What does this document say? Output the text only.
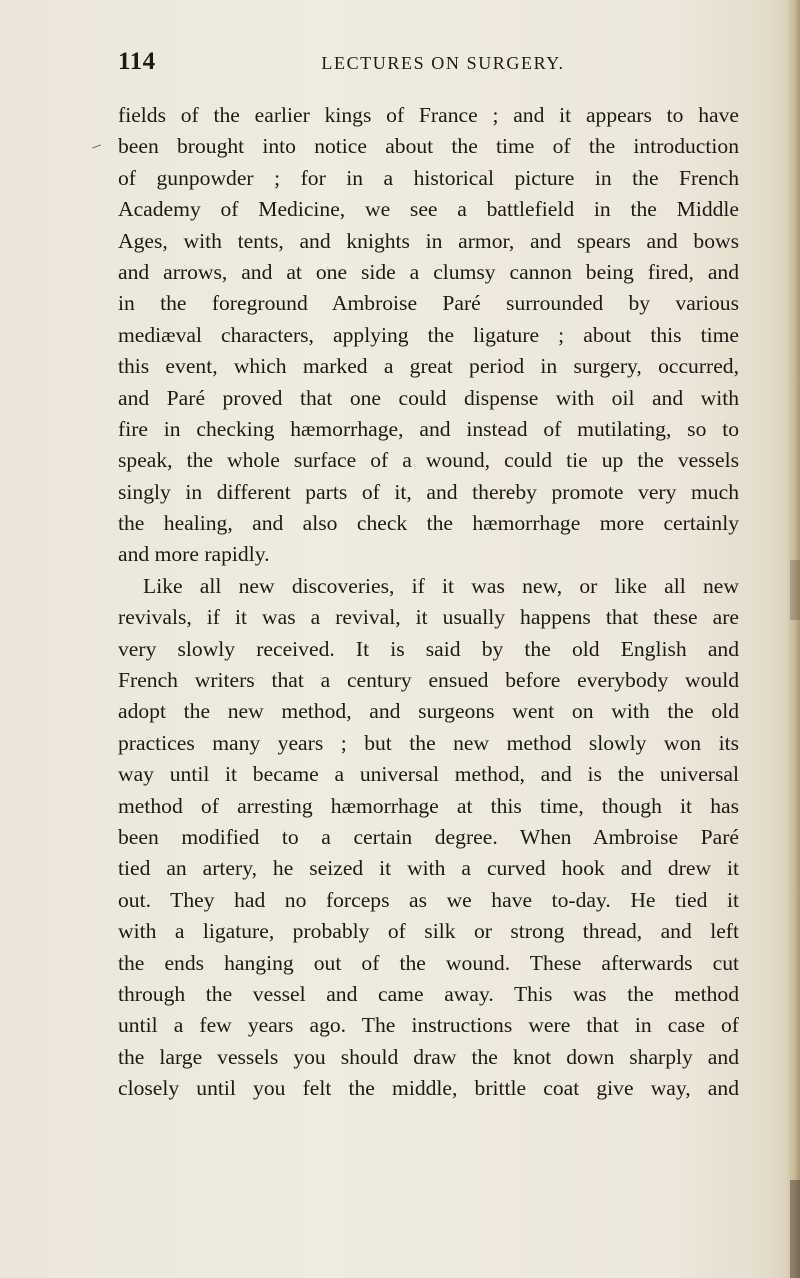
114	LECTURES ON SURGERY.
fields of the earlier kings of France ; and it appears to have
been brought into notice about the time of the introduction
of gunpowder ; for in a historical picture in the French
Academy of Medicine, we see a battlefield in the Middle
Ages, with tents, and knights in armor, and spears and bows
and arrows, and at one side a clumsy cannon being fired, and
in the foreground Ambroise Paré surrounded by various
mediæval characters, applying the ligature ; about this time
this event, which marked a great period in surgery, occurred,
and Paré proved that one could dispense with oil and with
fire in checking hæmorrhage, and instead of mutilating, so to
speak, the whole surface of a wound, could tie up the vessels
singly in different parts of it, and thereby promote very much
the healing, and also check the hæmorrhage more certainly
and more rapidly.
Like all new discoveries, if it was new, or like all new
revivals, if it was a revival, it usually happens that these are
very slowly received. It is said by the old English and
French writers that a century ensued before everybody would
adopt the new method, and surgeons went on with the old
practices many years ; but the new method slowly won its
way until it became a universal method, and is the universal
method of arresting hæmorrhage at this time, though it has
been modified to a certain degree. When Ambroise Paré
tied an artery, he seized it with a curved hook and drew it
out. They had no forceps as we have to-day. He tied it
with a ligature, probably of silk or strong thread, and left
the ends hanging out of the wound. These afterwards cut
through the vessel and came away. This was the method
until a few years ago. The instructions were that in case of
the large vessels you should draw the knot down sharply and
closely until you felt the middle, brittle coat give way, and
